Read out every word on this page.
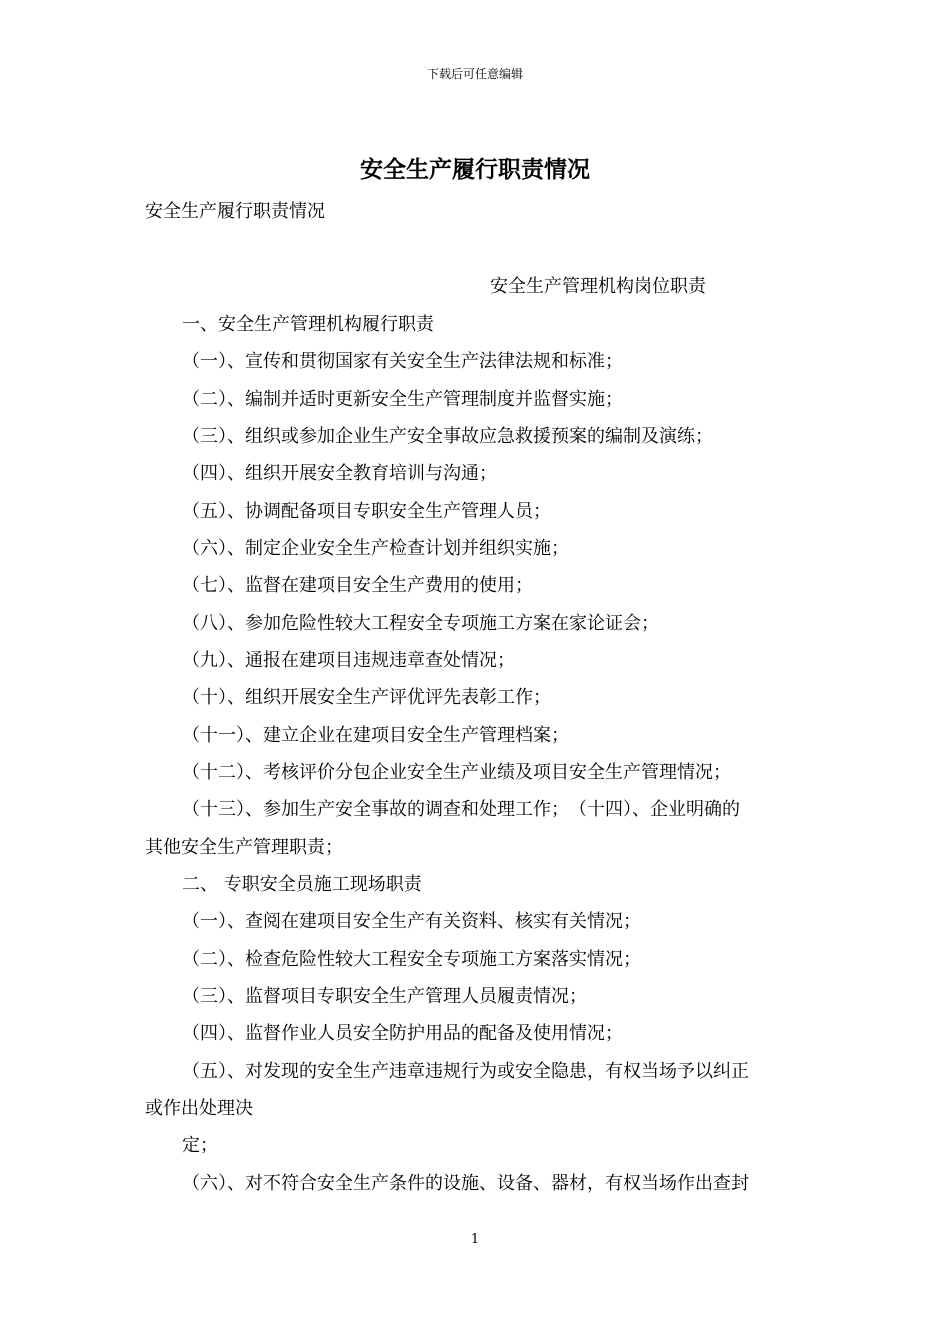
下载后可任意编辑
安全生产履行职责情况
安全生产履行职责情况
安全生产管理机构岗位职责
一、安全生产管理机构履行职责
（一）、宣传和贯彻国家有关安全生产法律法规和标准；
（二）、编制并适时更新安全生产管理制度并监督实施；
（三）、组织或参加企业生产安全事故应急救援预案的编制及演练；
（四）、组织开展安全教育培训与沟通；
（五）、协调配备项目专职安全生产管理人员；
（六）、制定企业安全生产检查计划并组织实施；
（七）、监督在建项目安全生产费用的使用；
（八）、参加危险性较大工程安全专项施工方案在家论证会；
（九）、通报在建项目违规违章查处情况；
（十）、组织开展安全生产评优评先表彰工作；
（十一）、建立企业在建项目安全生产管理档案；
（十二）、考核评价分包企业安全生产业绩及项目安全生产管理情况；
（十三）、参加生产安全事故的调查和处理工作；　（十四）、企业明确的
其他安全生产管理职责；
二、 专职安全员施工现场职责
（一）、查阅在建项目安全生产有关资料、核实有关情况；
（二）、检查危险性较大工程安全专项施工方案落实情况；
（三）、监督项目专职安全生产管理人员履责情况；
（四）、监督作业人员安全防护用品的配备及使用情况；
（五）、对发现的安全生产违章违规行为或安全隐患，有权当场予以纠正
或作出处理决
定；
（六）、对不符合安全生产条件的设施、设备、器材，有权当场作出查封
1
